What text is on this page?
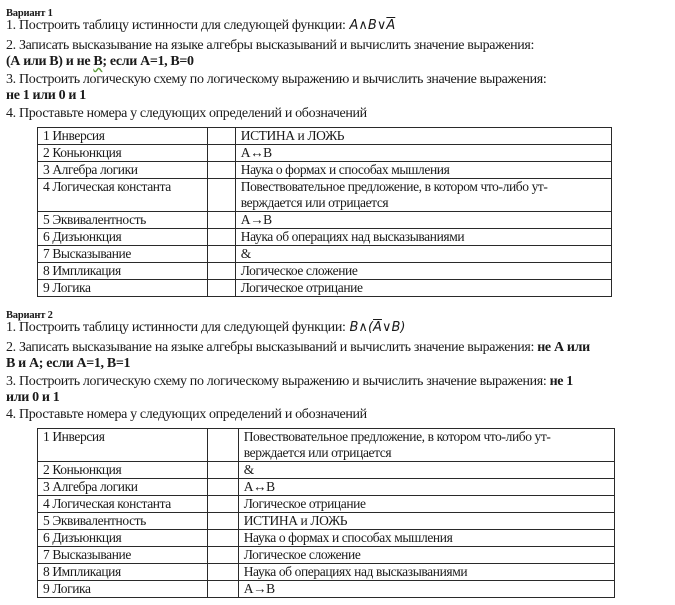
Вариант 1
1. Построить таблицу истинности для следующей функции: $A\wedge B\vee\overline{A}$
2. Записать высказывание на языке алгебры высказываний и вычислить значение выражения:
(А или В) и не В; если А=1, В=0
3. Построить логическую схему по логическому выражению и вычислить значение выражения:
не 1 или 0 и 1
4. Проставьте номера у следующих определений и обозначений
1 Инверсия		ИСТИНА и ЛОЖЬ
2 Коньюнкция		А↔В
3 Алгебра логики		Наука о формах и способах мышления
4 Логическая константа		Повествовательное предложение, в котором что-либо ут-
верждается или отрицается

5 Эквивалентность		А→В
6 Дизъюнкция		Наука об операциях над высказываниями
7 Высказывание		&
8 Импликация		Логическое сложение
9 Логика		Логическое отрицание
Вариант 2
1. Построить таблицу истинности для следующей функции: $B\wedge(\overline{A}\vee B)$
2. Записать высказывание на языке алгебры высказываний и вычислить значение выражения: не А или
В и А; если А=1, В=1
3. Построить логическую схему по логическому выражению и вычислить значение выражения: не 1
или 0 и 1
4. Проставьте номера у следующих определений и обозначений
1 Инверсия		Повествовательное предложение, в котором что-либо ут-
верждается или отрицается

2 Коньюнкция		&
3 Алгебра логики		А↔В
4 Логическая константа		Логическое отрицание
5 Эквивалентность		ИСТИНА и ЛОЖЬ
6 Дизъюнкция		Наука о формах и способах мышления
7 Высказывание		Логическое сложение
8 Импликация		Наука об операциях над высказываниями
9 Логика		А→В
